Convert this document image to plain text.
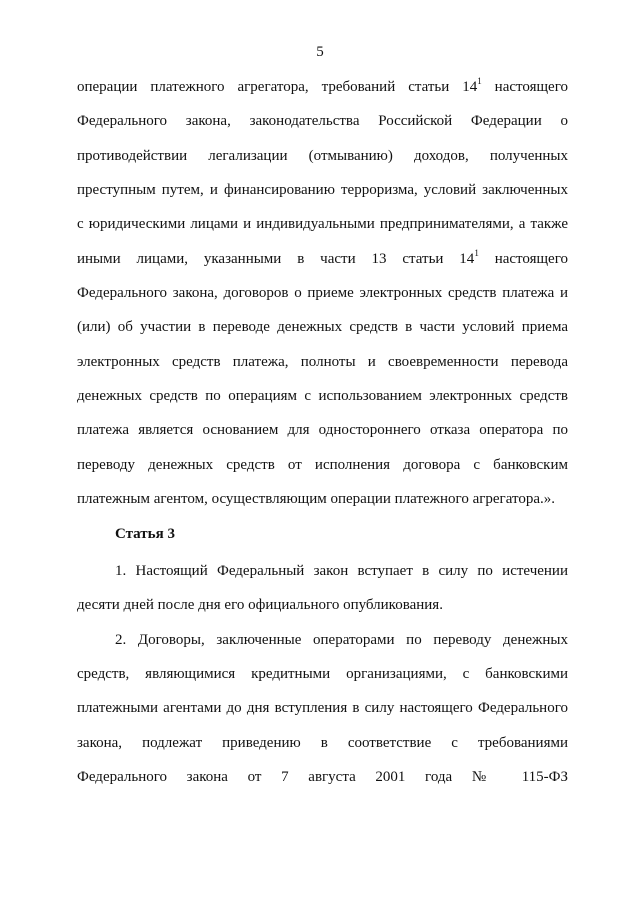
5
операции платежного агрегатора, требований статьи $14^1$ настоящего
Федерального закона, законодательства Российской Федерации о
противодействии легализации (отмыванию) доходов, полученных
преступным путем, и финансированию терроризма, условий заключенных
с юридическими лицами и индивидуальными предпринимателями, а также
иными лицами, указанными в части 13 статьи $14^1$ настоящего
Федерального закона, договоров о приеме электронных средств платежа и
(или) об участии в переводе денежных средств в части условий приема
электронных средств платежа, полноты и своевременности перевода
денежных средств по операциям с использованием электронных средств
платежа является основанием для одностороннего отказа оператора по
переводу денежных средств от исполнения договора с банковским
платежным агентом, осуществляющим операции платежного агрегатора.».
Статья 3
1. Настоящий Федеральный закон вступает в силу по истечении
десяти дней после дня его официального опубликования.
2. Договоры, заключенные операторами по переводу денежных
средств, являющимися кредитными организациями, с банковскими
платежными агентами до дня вступления в силу настоящего Федерального
закона, подлежат приведению в соответствие с требованиями
Федерального закона от 7 августа 2001 года № 115-ФЗ
